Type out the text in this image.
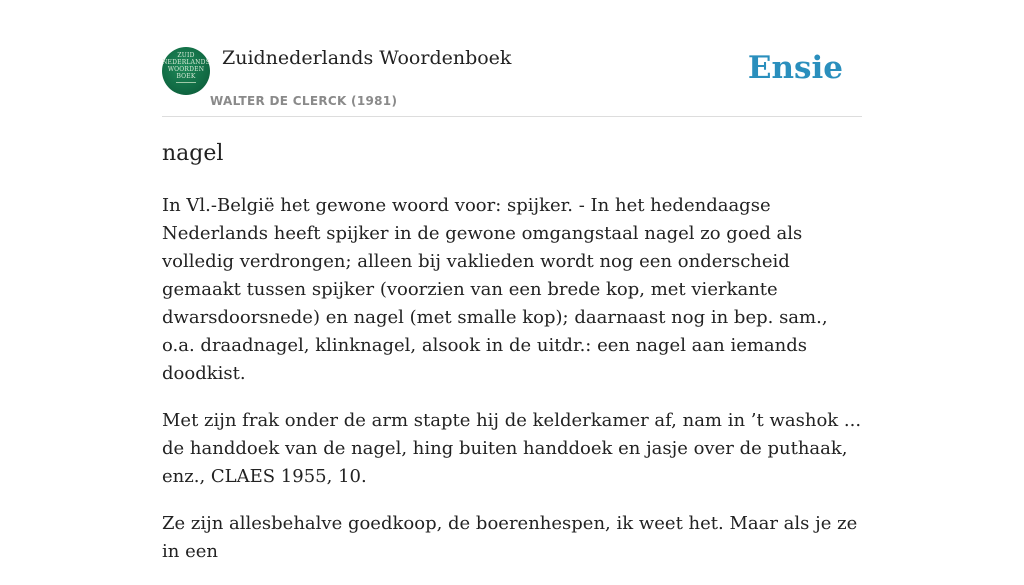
ZUID
NEDERLANDS
WOORDEN
BOEK
Zuidnederlands Woordenboek
WALTER DE CLERCK (1981)
Ensie
nagel

In Vl.-België het gewone woord voor: spijker. - In het hedendaagse Nederlands heeft spijker in de gewone omgangstaal nagel zo goed als volledig verdrongen; alleen bij vaklieden wordt nog een onderscheid gemaakt tussen spijker (voorzien van een brede kop, met vierkante dwarsdoorsnede) en nagel (met smalle kop); daarnaast nog in bep. sam., o.a. draadnagel, klinknagel, alsook in de uitdr.: een nagel aan iemands doodkist.

Met zijn frak onder de arm stapte hij de kelderkamer af, nam in ’t washok ... de handdoek van de nagel, hing buiten handdoek en jasje over de puthaak, enz., CLAES 1955, 10.

Ze zijn allesbehalve goedkoop, de boerenhespen, ik weet het. Maar als je ze in een
